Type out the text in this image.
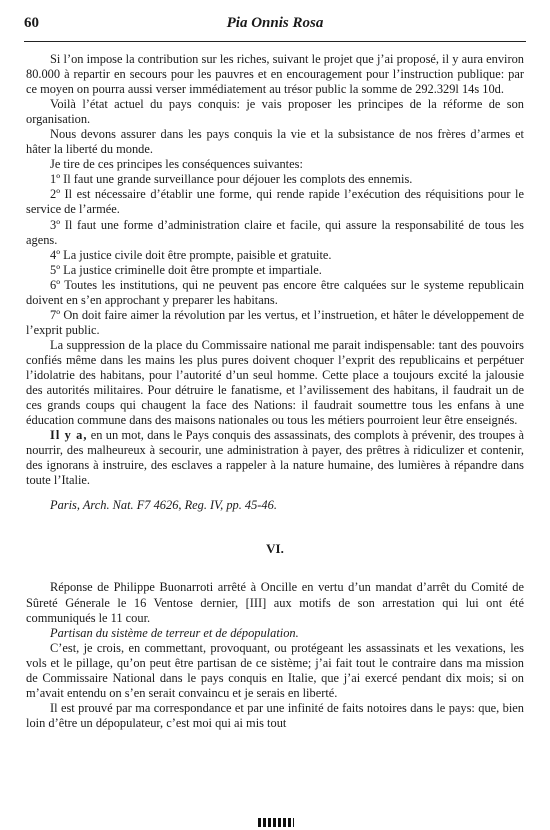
60	Pia Onnis Rosa

Si l’on impose la contribution sur les riches, suivant le projet que j’ai proposé, il y aura environ 80.000 à repartir en secours pour les pauvres et en encouragement pour l’instruction publique: par ce moyen on pourra aussi verser immédiatement au trésor public la somme de 292.329l 14s 10d.

Voilà l’état actuel du pays conquis: je vais proposer les principes de la réforme de son organisation.

Nous devons assurer dans les pays conquis la vie et la subsistance de nos frères d’armes et hâter la liberté du monde.

Je tire de ces principes les conséquences suivantes:

1º Il faut une grande surveillance pour déjouer les complots des ennemis.

2º Il est nécessaire d’établir une forme, qui rende rapide l’exécution des réquisitions pour le service de l’armée.

3º Il faut une forme d’administration claire et facile, qui assure la responsabilité de tous les agens.

4º La justice civile doit être prompte, paisible et gratuite.

5º La justice criminelle doit être prompte et impartiale.

6º Toutes les institutions, qui ne peuvent pas encore être calquées sur le systeme republicain doivent en s’en approchant y preparer les habitans.

7º On doit faire aimer la révolution par les vertus, et l’instruetion, et hâter le développement de l’exprit public.

La suppression de la place du Commissaire national me parait indispensable: tant des pouvoirs confiés même dans les mains les plus pures doivent choquer l’exprit des republicains et perpétuer l’idolatrie des habitans, pour l’autorité d’un seul homme. Cette place a toujours excité la jalousie des autorités militaires. Pour détruire le fanatisme, et l’avilissement des habitans, il faudrait un de ces grands coups qui chaugent la face des Nations: il faudrait soumettre tous les enfans à une éducation commune dans des maisons nationales ou tous les métiers pourroient leur être enseignés.

Il y a, en un mot, dans le Pays conquis des assassinats, des complots à prévenir, des troupes à nourrir, des malheureux à secourir, une administration à payer, des prêtres à ridiculizer et contenir, des ignorans à instruire, des esclaves a rappeler à la nature humaine, des lumières à répandre dans toute l’Italie.

Paris, Arch. Nat. F7 4626, Reg. IV, pp. 45-46.

VI.

Réponse de Philippe Buonarroti arrêté à Oncille en vertu d’un mandat d’arrêt du Comité de Sûreté Génerale le 16 Ventose dernier, [III] aux motifs de son arrestation qui lui ont été communiqués le 11 cour.

Partisan du sistème de terreur et de dépopulation.

C’est, je crois, en commettant, provoquant, ou protégeant les assassinats et les vexations, les vols et le pillage, qu’on peut être partisan de ce sistème; j’ai fait tout le contraire dans ma mission de Commissaire National dans le pays conquis en Italie, que j’ai exercé pendant dix mois; si on m’avait entendu on s’en serait convaincu et je serais en liberté.

Il est prouvé par ma correspondance et par une infinité de faits notoires dans le pays: que, bien loin d’être un dépopulateur, c’est moi qui ai mis tout
